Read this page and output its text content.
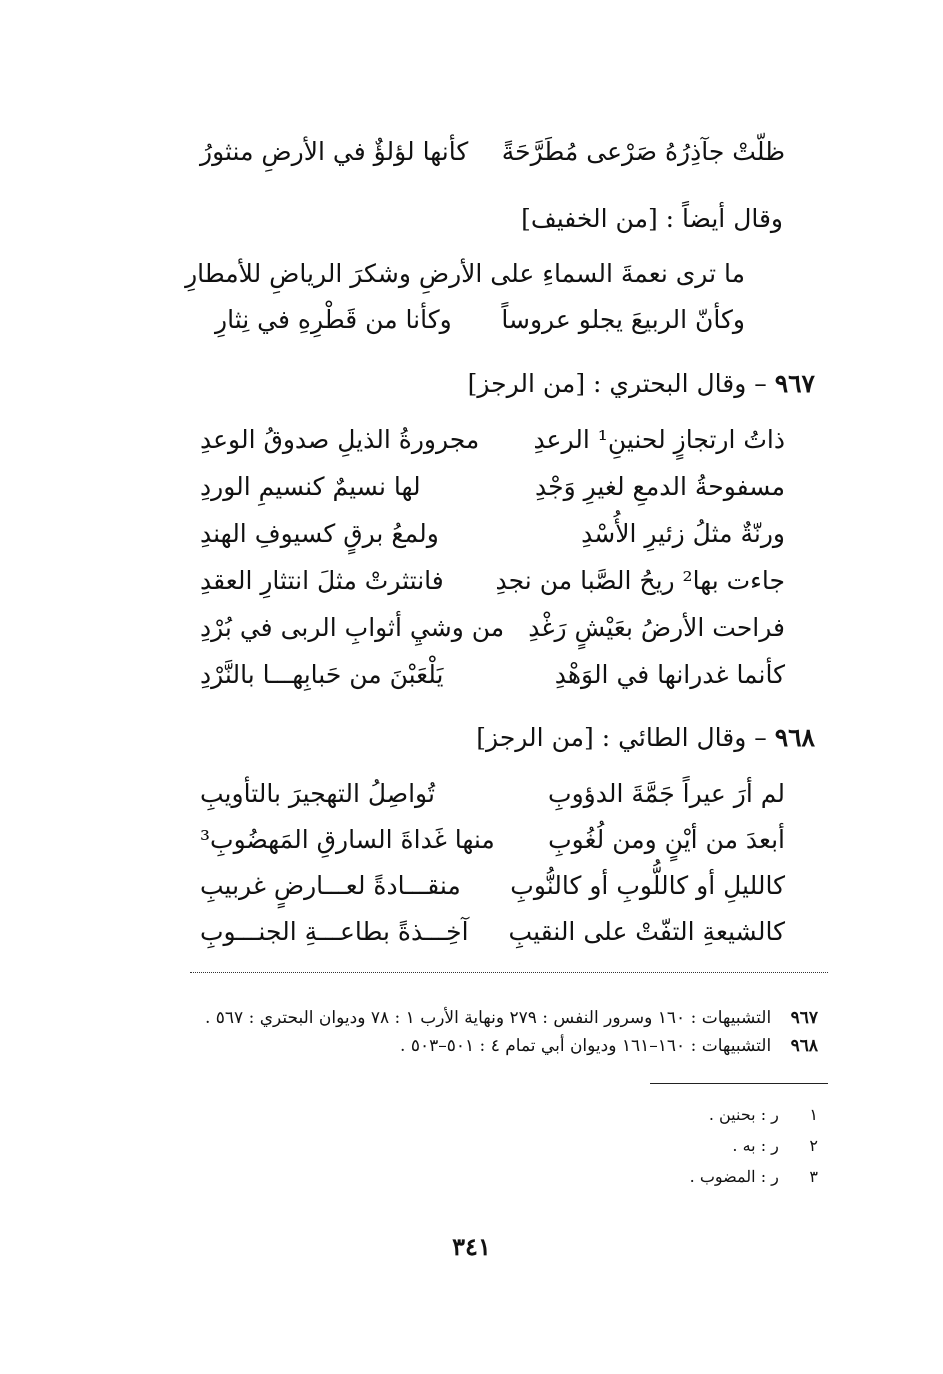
ظلّتْ جآذِرُهُ صَرْعى مُطَرَّحَةً
كأنها لؤلؤٌ في الأرضِ منثورُ
وقال أيضاً : [من الخفيف]
ما ترى نعمةَ السماءِ على الأر
ضِ وشكرَ الرياضِ للأمطارِ
وكأنّ الربيعَ يجلو عروساً
وكأنا من قَطْرِهِ في نِثارِ
٩٦٧ – وقال البحتري : [من الرجز]
ذاتُ ارتجازٍ لحنينِ¹ الرعدِ
مجرورةُ الذيلِ صدوقُ الوعدِ
مسفوحةُ الدمعِ لغيرِ وَجْدِ
لها نسيمٌ كنسيمِ الوردِ
ورنّةٌ مثلُ زئيرِ الأُسْدِ
ولمعُ برقٍ كسيوفِ الهندِ
جاءت بها² ريحُ الصَّبا من نجدِ
فانتثرتْ مثلَ انتثارِ العقدِ
فراحت الأرضُ بعَيْشٍ رَغْدِ
من وشيِ أثوابِ الربى في بُرْدِ
كأنما غدرانها في الوَهْدِ
يَلْعَبْنَ من حَبابِهـــا بالنَّرْدِ
٩٦٨ – وقال الطائي : [من الرجز]
لم أرَ عيراً جَمَّةَ الدؤوبِ
تُواصِلُ التهجيرَ بالتأويبِ
أبعدَ من أيْنٍ ومن لُغُوبِ
منها غَداةَ السارقِ المَهضُوبِ³
كالليلِ أو كاللُّوبِ أو كالنُّوبِ
منقـــادةً لعـــارضٍ غربيبِ
كالشيعةِ التفّتْ على النقيبِ
آخِـــذةً بطاعـــةِ الجنـــوبِ
٩٦٧ التشبيهات : ١٦٠ وسرور النفس : ٢٧٩ ونهاية الأرب ١ : ٧٨ وديوان البحتري : ٥٦٧ .
٩٦٨ التشبيهات : ١٦٠–١٦١ وديوان أبي تمام ٤ : ٥٠١–٥٠٣ .
١ ر : بحنين .
٢ ر : به .
٣ ر : المضوب .
٣٤١
